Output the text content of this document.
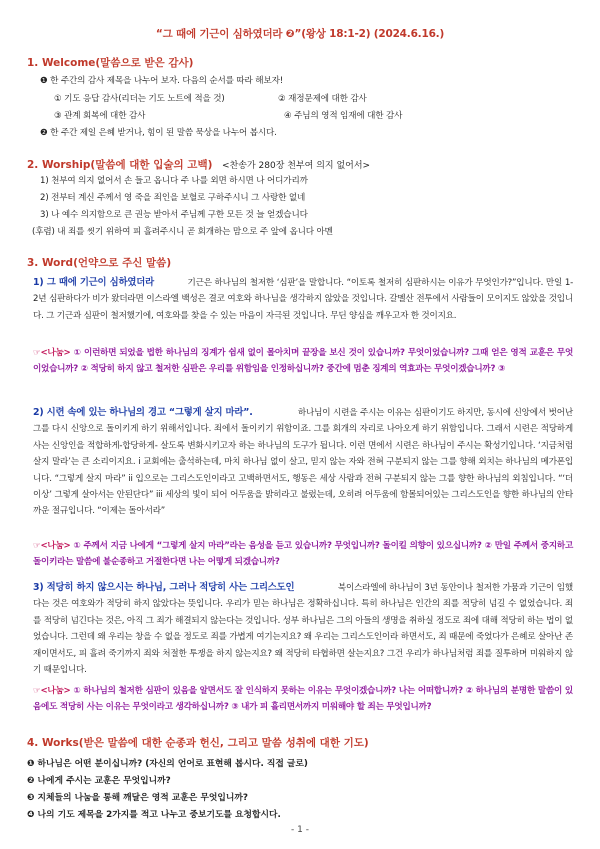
“그 때에 기근이 심하였더라 ❷”(왕상 18:1-2) (2024.6.16.)
1. Welcome(말씀으로 받은 감사)
❶ 한 주간의 감사 제목을 나누어 보자. 다음의 순서를 따라 해보자!
① 기도 응답 감사(리더는 기도 노트에 적을 것)	② 재정문제에 대한 감사
③ 관계 회복에 대한 감사	④ 주님의 영적 임재에 대한 감사
❷ 한 주간 제일 은혜 받거나, 힘이 된 말씀 묵상을 나누어 봅시다.
2. Worship(말씀에 대한 입술의 고백) <찬송가 280장 천부여 의지 없어서>
1) 천부여 의지 없어서 손 들고 옵니다 주 나를 외면 하시면 나 어디가리까
2) 전부터 계신 주께서 영 죽을 죄인을 보혈로 구하주시니 그 사랑한 없네
3) 나 예수 의지함으로 큰 권능 받아서 주님께 구한 모든 것 늘 얻겠습니다
(후렴) 내 죄를 씻기 위하여 피 흘려주시니 곧 회개하는 맘으로 주 앞에 옵니다 아멘
3. Word(언약으로 주신 말씀)
1) 그 때에 기근이 심하였더라	기근은 하나님의 철저한 ‘심판’을 말합니다. “이토록 철저히 심판하시는 이유가 무엇인가?”입니다. 만일 1-2년 심판하다가 비가 왔더라면 이스라엘 백성은 결코 여호와 하나님을 생각하지 않았을 것입니다. 갈멜산 전투에서 사람들이 모이지도 않았을 것입니다. 그 기근과 심판이 철저했기에, 여호와를 찾을 수 있는 마음이 자극된 것입니다. 무딘 양심을 깨우고자 한 것이지요.
☞<나눔> ① 이런하면 되었을 법한 하나님의 징계가 쉼새 없이 몰아치며 끝장을 보신 것이 있습니까? 무엇이었습니까? 그때 얻은 영적 교훈은 무엇이었습니까? ② 적당히 하지 않고 철저한 심판은 우리를 위함임을 인정하십니까? 중간에 멈춘 징계의 역효과는 무엇이겠습니까? ③
2) 시련 속에 있는 하나님의 경고 “그렇게 살지 마라”.	하나님이 시련을 주시는 이유는 심판이기도 하지만, 동시에 신앙에서 벗어난 그를 다시 신앙으로 돌이키게 하기 위해서입니다. 죄에서 돌이키기 위함이죠. 그를 회개의 자리로 나아오게 하기 위함입니다. 그래서 시련은 적당하게 사는 신앙인을 적합하게-합당하게- 살도록 변화시키고자 하는 하나님의 도구가 됩니다. 이런 면에서 시련은 하나님이 주시는 확성기입니다. ‘지금처럼 살지 말라’는 큰 소리이지요. i 교회에는 출석하는데, 마치 하나님 없이 살고, 믿지 않는 자와 전혀 구분되지 않는 그를 향해 외치는 하나님의 메가폰입니다. “그렇게 살지 마라” ii 입으로는 그리스도인이라고 고백하면서도, 행동은 세상 사람과 전혀 구분되지 않는 그를 향한 하나님의 외침입니다. “‘더 이상’ 그렇게 살아서는 안된단다” iii 세상의 빛이 되어 어두움을 밝히라고 불렀는데, 오히려 어두움에 함몰되어있는 그리스도인을 향한 하나님의 안타까운 절규입니다. “이제는 돌아서라”
☞<나눔> ① 주께서 지금 나에게 “그렇게 살지 마라”라는 음성을 듣고 있습니까? 무엇입니까? 돌이킬 의향이 있으십니까? ② 만일 주께서 중지하고 돌이키라는 말씀에 불순종하고 거절한다면 나는 어떻게 되겠습니까?
3) 적당히 하지 않으시는 하나님, 그러나 적당히 사는 그리스도인	북이스라엘에 하나님이 3년 동안이나 철저한 가뭄과 기근이 임했다는 것은 여호와가 적당히 하지 않았다는 뜻입니다. 우리가 믿는 하나님은 정확하십니다. 특히 하나님은 인간의 죄를 적당히 넘길 수 없었습니다. 죄를 적당히 넘긴다는 것은, 아직 그 죄가 해결되지 않는다는 것입니다. 성부 하나님은 그의 아들의 생명을 취하실 정도로 죄에 대해 적당히 하는 법이 없었습니다. 그런데 왜 우리는 창을 수 없을 정도로 죄를 가볍게 여기는지요? 왜 우리는 그리스도인이라 하면서도, 죄 때문에 죽었다가 은혜로 살아난 존재이면서도, 피 흘려 죽기까지 죄와 처절한 투쟁을 하지 않는지요? 왜 적당히 타협하면 살는지요? 그건 우리가 하나님처럼 죄를 질투하며 미워하지 않기 때문입니다.
☞<나눔> ① 하나님의 철저한 심판이 있음을 알면서도 잘 인식하지 못하는 이유는 무엇이겠습니까? 나는 어떠합니까? ② 하나님의 분명한 말씀이 있음에도 적당히 사는 이유는 무엇이라고 생각하십니까? ③ 내가 피 흘리면서까지 미워해야 할 죄는 무엇입니까?
4. Works(받은 말씀에 대한 순종과 헌신, 그리고 말씀 성취에 대한 기도)
❶ 하나님은 어떤 분이십니까? (자신의 언어로 표현해 봅시다. 직접 글로)
❷ 나에게 주시는 교훈은 무엇입니까?
❸ 지체들의 나눔을 통해 깨달은 영적 교훈은 무엇입니까?
❹ 나의 기도 제목을 2가지를 적고 나누고 중보기도를 요청합시다.
- 1 -
